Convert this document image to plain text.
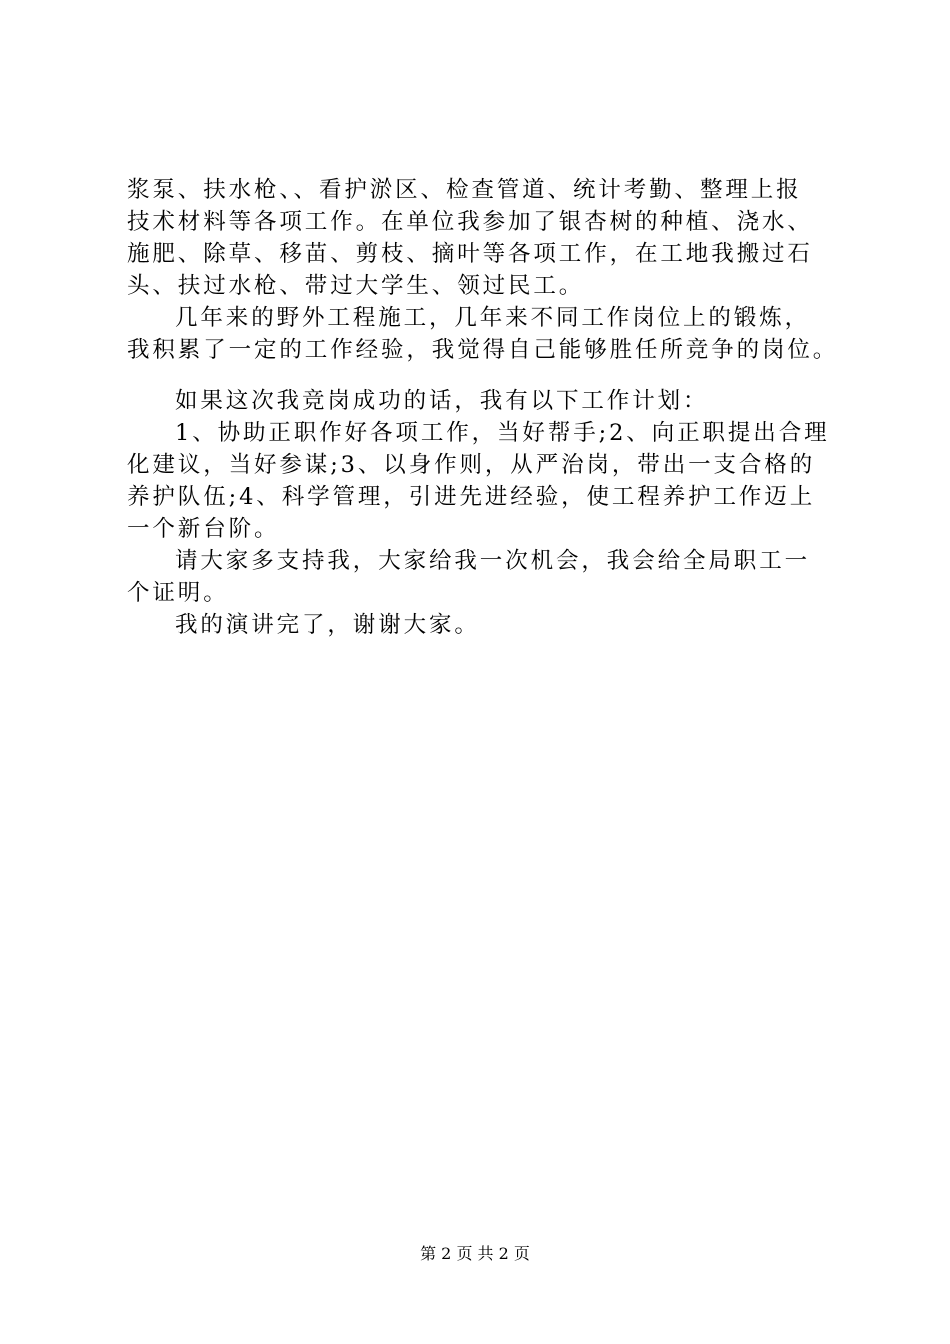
浆泵、扶水枪、、看护淤区、检查管道、统计考勤、整理上报
技术材料等各项工作。在单位我参加了银杏树的种植、浇水、
施肥、除草、移苗、剪枝、摘叶等各项工作，在工地我搬过石
头、扶过水枪、带过大学生、领过民工。
几年来的野外工程施工，几年来不同工作岗位上的锻炼，
我积累了一定的工作经验，我觉得自己能够胜任所竞争的岗位。
如果这次我竞岗成功的话，我有以下工作计划：
1、协助正职作好各项工作，当好帮手;2、向正职提出合理
化建议，当好参谋;3、以身作则，从严治岗，带出一支合格的
养护队伍;4、科学管理，引进先进经验，使工程养护工作迈上
一个新台阶。
请大家多支持我，大家给我一次机会，我会给全局职工一
个证明。
我的演讲完了，谢谢大家。
第 2 页 共 2 页
